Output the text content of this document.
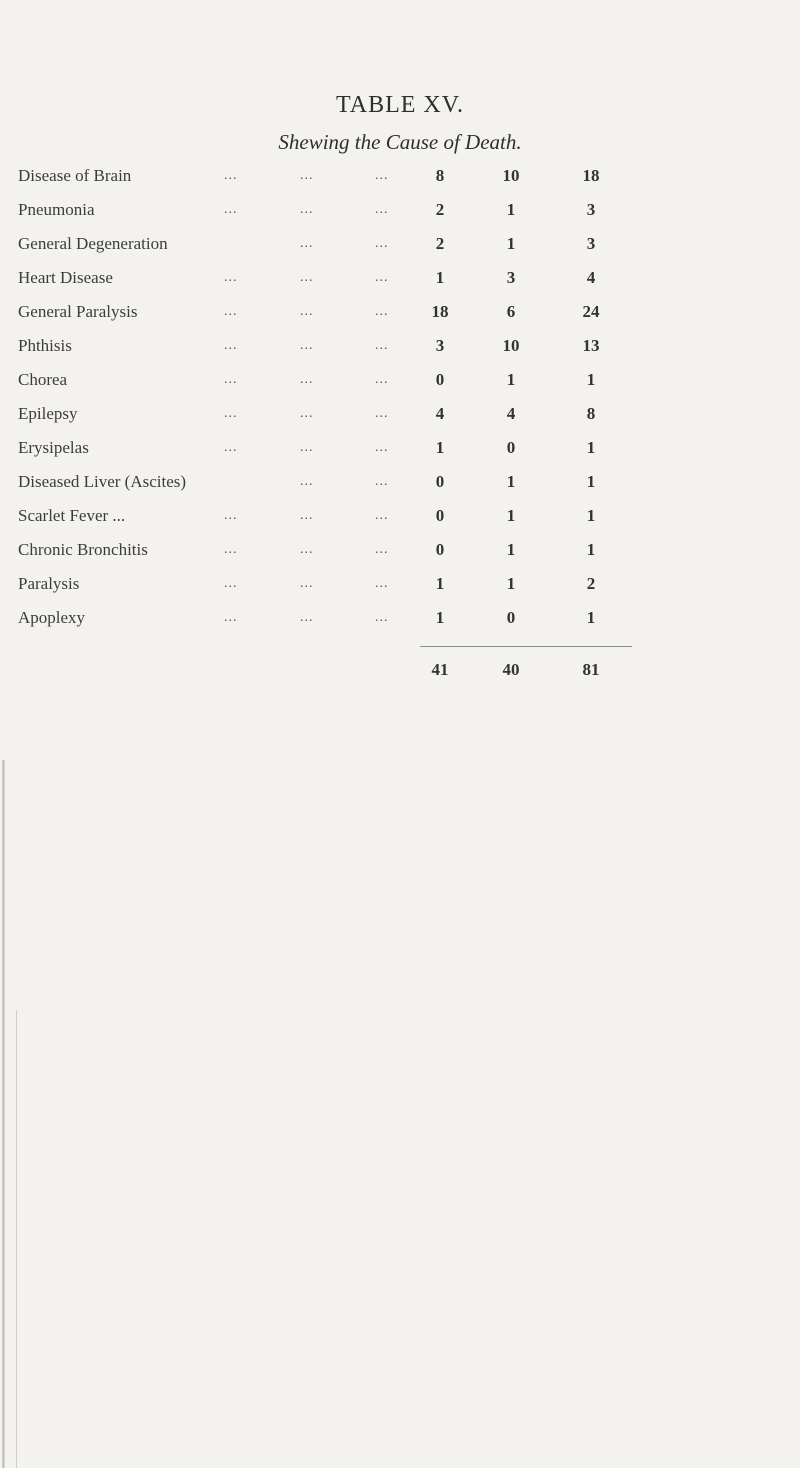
TABLE XV.
Shewing the Cause of Death.
Disease of Brain	...	...	...	8	10	18
Pneumonia	...	...	...	2	1	3
General Degeneration	...	...	2	1	3
Heart Disease	...	...	...	1	3	4
General Paralysis	...	...	...	18	6	24
Phthisis	...	...	...	3	10	13
Chorea	...	...	...	0	1	1
Epilepsy	...	...	...	4	4	8
Erysipelas	...	...	...	1	0	1
Diseased Liver (Ascites)	...	...	0	1	1
Scarlet Fever ...	...	...	...	0	1	1
Chronic Bronchitis	...	...	...	0	1	1
Paralysis	...	...	...	1	1	2
Apoplexy	...	...	...	1	0	1
41	40	81
